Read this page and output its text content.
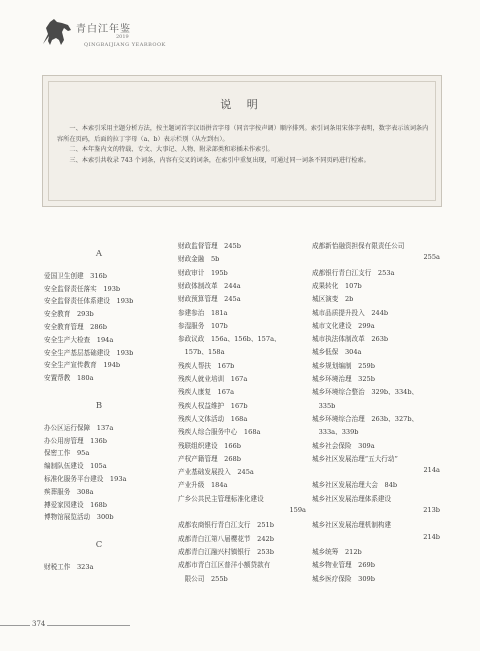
青白江年鉴
2019
QINGBAIJIANG YEARBOOK
说 明

一、本索引采用主题分析方法，按主题词首字汉语拼音字母（同音字按声调）顺序排列。索引词条用宋体字表明，数字表示该词条内容所在页码，后面的拉丁字母（a、b）表示栏别（从左到右）。

二、本年鉴内文的特载、专文、大事记、人物、附录部类和彩插未作索引。

三、本索引共收录 743 个词条，内容有交叉的词条，在索引中重复出现，可通过同一词条不同页码进行检索。

A
爱国卫生创建　316b
安全监督责任落实　193b
安全监督责任体系建设　193b
安全教育　293b
安全教育管理　286b
安全生产大检查　194a
安全生产基层基础建设　193b
安全生产宣传教育　194b
安置帮教　180a
B
办公区运行保障　137a
办公用房管理　136b
保密工作　95a
编制队伍建设　105a
标准化服务平台建设　193a
殡葬服务　308a
搏爱家园建设　168b
博物馆展览活动　300b
C
财税工作　323a
财政监督管理　245b
财政金融　5b
财政审计　195b
财政体制改革　244a
财政预算管理　245a
参建参治　181a
参湿服务　107b
参政议政　156a、156b、157a、
　157b、158a
残疾人帮扶　167b
残疾人就业培训　167a
残疾人康复　167a
残疾人权益维护　167b
残疾人文体活动　168a
残疾人综合服务中心　168a
残联组织建设　166b
产权产籍管理　268b
产业基础发展投入　245a
产业升级　184a
广乡公共民主管理标准化建设
159a
成都农商银行青白江支行　251b
成都青白江第八届樱花节　242b
成都青白江融兴村镇银行　253b
成都市青白江区普洋小额贷款有
　限公司　255b
成都新怡融资担保有限责任公司
255a
成都银行青白江支行　253a
成果转化　107b
城区演变　2b
城市品质提升投入　244b
城市文化建设　299a
城市执法体制改革　263b
城乡低保　304a
城乡规划编制　259b
城乡环境治理　325b
城乡环境综合整治　329b、334b、
　335b
城乡环境综合治理　263b、327b、
　333a、339b
城乡社会保险　309a
城乡社区发展治理“五大行动”
214a
城乡社区发展治理大会　84b
城乡社区发展治理体系建设
213b
城乡社区发展治理机制构建
214b
城乡统筹　212b
城乡物业管理　269b
城乡医疗保险　309b
374
